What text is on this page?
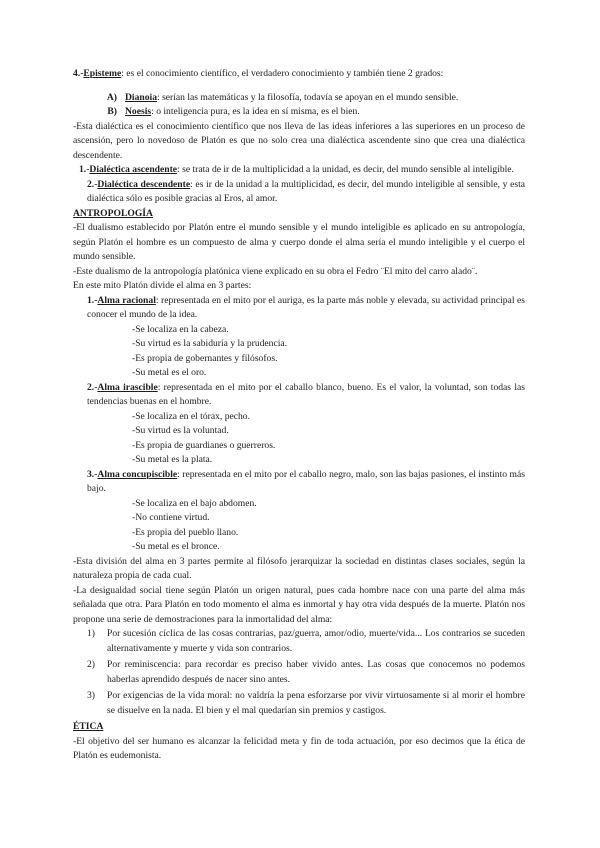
4.-Episteme: es el conocimiento científico, el verdadero conocimiento y también tiene 2 grados:

A) Dianoia: serían las matemáticas y la filosofía, todavía se apoyan en el mundo sensible.
B) Noesis: o inteligencia pura, es la idea en sí misma, es el bien.

-Esta dialéctica es el conocimiento científico que nos lleva de las ideas inferiores a las superiores en un proceso de ascensión, pero lo novedoso de Platón es que no solo crea una dialéctica ascendente sino que crea una dialéctica descendente.

1.-Dialéctica ascendente: se trata de ir de la multiplicidad a la unidad, es decir, del mundo sensible al inteligible.

2.-Dialéctica descendente: es ir de la unidad a la multiplicidad, es decir, del mundo inteligible al sensible, y esta dialéctica sólo es posible gracias al Eros, al amor.

ANTROPOLOGÍA

-El dualismo establecido por Platón entre el mundo sensible y el mundo inteligible es aplicado en su antropología, según Platón el hombre es un compuesto de alma y cuerpo donde el alma sería el mundo inteligible y el cuerpo el mundo sensible.

-Este dualismo de la antropología platónica viene explicado en su obra el Fedro ¨El mito del carro alado¨.

En este mito Platón divide el alma en 3 partes:

1.-Alma racional: representada en el mito por el auriga, es la parte más noble y elevada, su actividad principal es conocer el mundo de la idea.

-Se localiza en la cabeza.

-Su virtud es la sabiduría y la prudencia.

-Es propia de gobernantes y filósofos.

-Su metal es el oro.

2.-Alma irascible: representada en el mito por el caballo blanco, bueno. Es el valor, la voluntad, son todas las tendencias buenas en el hombre.

-Se localiza en el tórax, pecho.

-Su virtud es la voluntad.

-Es propia de guardianes o guerreros.

-Su metal es la plata.

3.-Alma concupiscible: representada en el mito por el caballo negro, malo, son las bajas pasiones, el instinto más bajo.

-Se localiza en el bajo abdomen.

-No contiene virtud.

-Es propia del pueblo llano.

-Su metal es el bronce.

-Esta división del alma en 3 partes permite al filósofo jerarquizar la sociedad en distintas clases sociales, según la naturaleza propia de cada cual.

-La desigualdad social tiene según Platón un origen natural, pues cada hombre nace con una parte del alma más señalada que otra. Para Platón en todo momento el alma es inmortal y hay otra vida después de la muerte. Platón nos propone una serie de demostraciones para la inmortalidad del alma:

1)	Por sucesión cíclica de las cosas contrarias, paz/guerra, amor/odio, muerte/vida... Los contrarios se suceden alternativamente y muerte y vida son contrarios.
2)	Por reminiscencia: para recordar es preciso haber vivido antes. Las cosas que conocemos no podemos haberlas aprendido después de nacer sino antes.
3)	Por exigencias de la vida moral: no valdría la pena esforzarse por vivir virtuosamente si al morir el hombre se disuelve en la nada. El bien y el mal quedarían sin premios y castigos.

ÉTICA

-El objetivo del ser humano es alcanzar la felicidad meta y fin de toda actuación, por eso decimos que la ética de Platón es eudemonista.
